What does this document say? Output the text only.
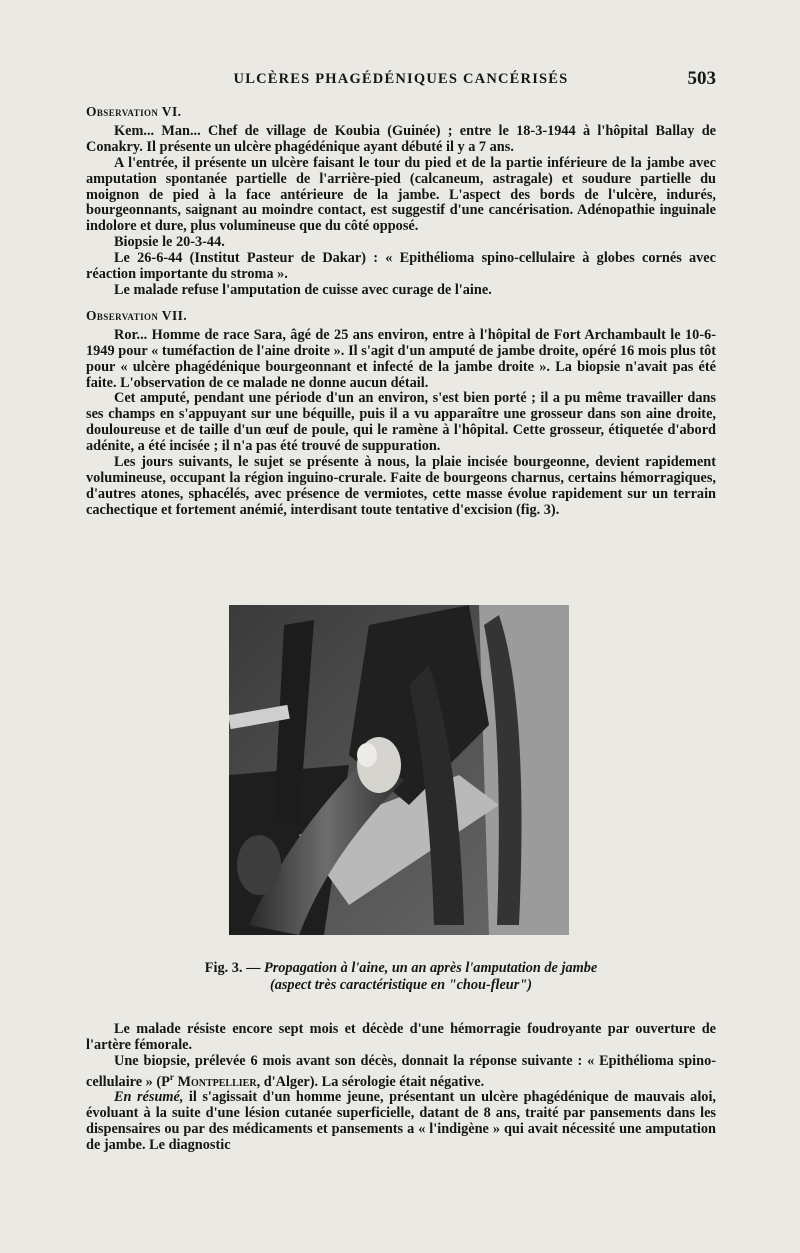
ULCÈRES PHAGÉDÉNIQUES CANCÉRISÉS	503

Observation VI.

Kem... Man... Chef de village de Koubia (Guinée) ; entre le 18-3-1944 à l'hôpital Ballay de Conakry. Il présente un ulcère phagédénique ayant débuté il y a 7 ans.

A l'entrée, il présente un ulcère faisant le tour du pied et de la partie inférieure de la jambe avec amputation spontanée partielle de l'arrière-pied (calcaneum, astragale) et soudure partielle du moignon de pied à la face antérieure de la jambe. L'aspect des bords de l'ulcère, indurés, bourgeonnants, saignant au moindre contact, est suggestif d'une cancérisation. Adénopathie inguinale indolore et dure, plus volumineuse que du côté opposé.

Biopsie le 20-3-44.

Le 26-6-44 (Institut Pasteur de Dakar) : « Epithélioma spino-cellulaire à globes cornés avec réaction importante du stroma ».

Le malade refuse l'amputation de cuisse avec curage de l'aine.

Observation VII.

Ror... Homme de race Sara, âgé de 25 ans environ, entre à l'hôpital de Fort Archambault le 10-6-1949 pour « tuméfaction de l'aine droite ». Il s'agit d'un amputé de jambe droite, opéré 16 mois plus tôt pour « ulcère phagédénique bourgeonnant et infecté de la jambe droite ». La biopsie n'avait pas été faite. L'observation de ce malade ne donne aucun détail.

Cet amputé, pendant une période d'un an environ, s'est bien porté ; il a pu même travailler dans ses champs en s'appuyant sur une béquille, puis il a vu apparaître une grosseur dans son aine droite, douloureuse et de taille d'un œuf de poule, qui le ramène à l'hôpital. Cette grosseur, étiquetée d'abord adénite, a été incisée ; il n'a pas été trouvé de suppuration.

Les jours suivants, le sujet se présente à nous, la plaie incisée bourgeonne, devient rapidement volumineuse, occupant la région inguino-crurale. Faite de bourgeons charnus, certains hémorragiques, d'autres atones, sphacélés, avec présence de vermiotes, cette masse évolue rapidement sur un terrain cachectique et fortement anémié, interdisant toute tentative d'excision (fig. 3).

Fig. 3. — Propagation à l'aine, un an après l'amputation de jambe
(aspect très caractéristique en "chou-fleur")

Le malade résiste encore sept mois et décède d'une hémorragie foudroyante par ouverture de l'artère fémorale.

Une biopsie, prélevée 6 mois avant son décès, donnait la réponse suivante : « Epithélioma spino-cellulaire » ($P^r$ Montpellier, d'Alger). La sérologie était négative.

En résumé, il s'agissait d'un homme jeune, présentant un ulcère phagédénique de mauvais aloi, évoluant à la suite d'une lésion cutanée superficielle, datant de 8 ans, traité par pansements dans les dispensaires ou par des médicaments et pansements a « l'indigène » qui avait nécessité une amputation de jambe. Le diagnostic
